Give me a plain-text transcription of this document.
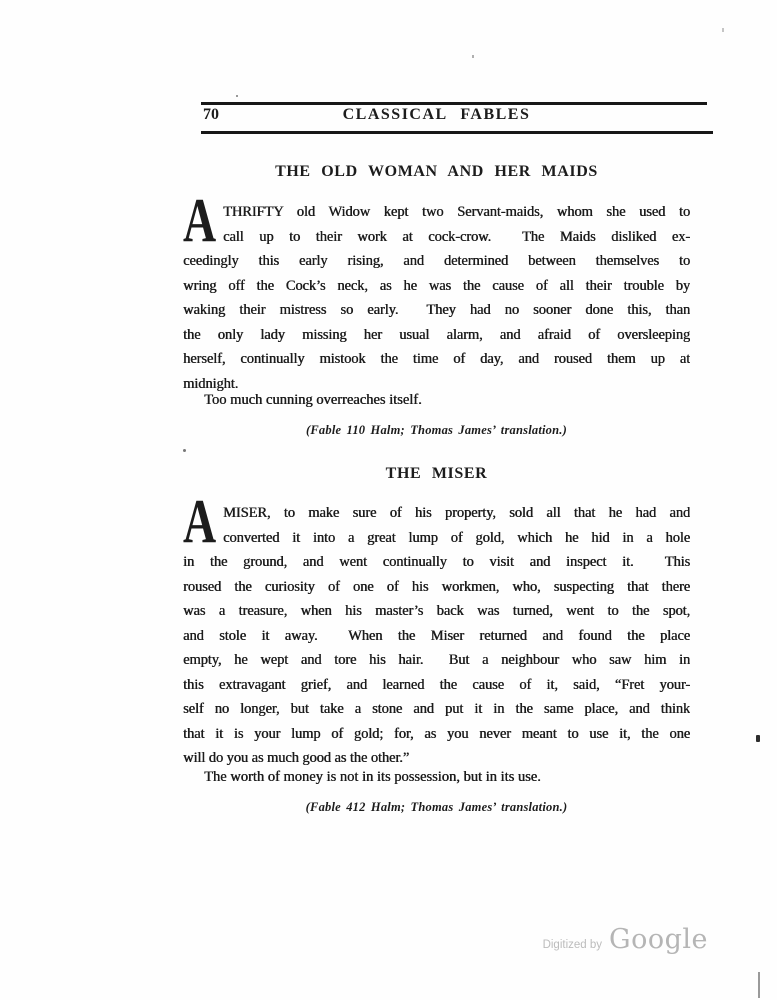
70	CLASSICAL FABLES
THE OLD WOMAN AND HER MAIDS
A THRIFTY old Widow kept two Servant-maids, whom she used to
call up to their work at cock-crow.  The Maids disliked ex-
ceedingly this early rising, and determined between themselves to
wring off the Cock’s neck, as he was the cause of all their trouble by
waking their mistress so early.  They had no sooner done this, than
the only lady missing her usual alarm, and afraid of oversleeping
herself, continually mistook the time of day, and roused them up at
midnight.
Too much cunning overreaches itself.
(Fable 110 Halm; Thomas James’ translation.)
THE MISER
A MISER, to make sure of his property, sold all that he had and
converted it into a great lump of gold, which he hid in a hole
in the ground, and went continually to visit and inspect it.  This
roused the curiosity of one of his workmen, who, suspecting that there
was a treasure, when his master’s back was turned, went to the spot,
and stole it away.  When the Miser returned and found the place
empty, he wept and tore his hair.  But a neighbour who saw him in
this extravagant grief, and learned the cause of it, said, “Fret your-
self no longer, but take a stone and put it in the same place, and think
that it is your lump of gold; for, as you never meant to use it, the one
will do you as much good as the other.”
The worth of money is not in its possession, but in its use.
(Fable 412 Halm; Thomas James’ translation.)
Digitized by Google
